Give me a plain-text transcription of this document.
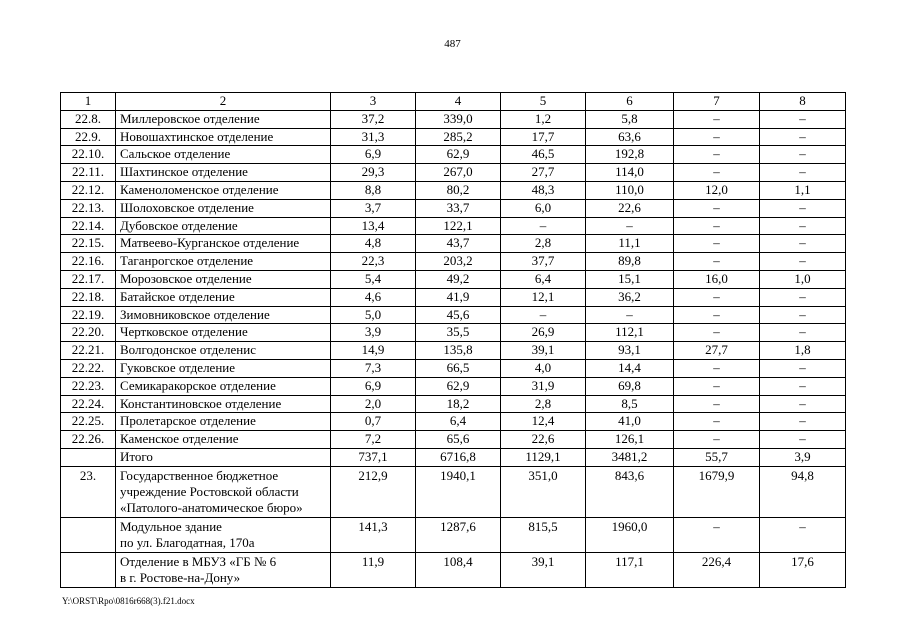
487
1	2	3	4	5	6	7	8
22.8.	Миллеровское отделение	37,2	339,0	1,2	5,8	–	–
22.9.	Новошахтинское отделение	31,3	285,2	17,7	63,6	–	–
22.10.	Сальское отделение	6,9	62,9	46,5	192,8	–	–
22.11.	Шахтинское отделение	29,3	267,0	27,7	114,0	–	–
22.12.	Каменоломенское отделение	8,8	80,2	48,3	110,0	12,0	1,1
22.13.	Шолоховское отделение	3,7	33,7	6,0	22,6	–	–
22.14.	Дубовское отделение	13,4	122,1	–	–	–	–
22.15.	Матвеево-Курганское отделение	4,8	43,7	2,8	11,1	–	–
22.16.	Таганрогское отделение	22,3	203,2	37,7	89,8	–	–
22.17.	Морозовское отделение	5,4	49,2	6,4	15,1	16,0	1,0
22.18.	Батайское отделение	4,6	41,9	12,1	36,2	–	–
22.19.	Зимовниковское отделение	5,0	45,6	–	–	–	–
22.20.	Чертковское отделение	3,9	35,5	26,9	112,1	–	–
22.21.	Волгодонское отделенис	14,9	135,8	39,1	93,1	27,7	1,8
22.22.	Гуковское отделение	7,3	66,5	4,0	14,4	–	–
22.23.	Семикаракорское отделение	6,9	62,9	31,9	69,8	–	–
22.24.	Константиновское отделение	2,0	18,2	2,8	8,5	–	–
22.25.	Пролетарское отделение	0,7	6,4	12,4	41,0	–	–
22.26.	Каменское отделение	7,2	65,6	22,6	126,1	–	–
	Итого	737,1	6716,8	1129,1	3481,2	55,7	3,9
23.	Государственное бюджетное
учреждение Ростовской области
«Патолого-анатомическое бюро»	212,9	1940,1	351,0	843,6	1679,9	94,8

	Модульное здание
по ул. Благодатная, 170а	141,3	1287,6	815,5	1960,0	–	–

	Отделение в МБУЗ «ГБ № 6
в г. Ростове-на-Дону»	11,9	108,4	39,1	117,1	226,4	17,6
Y:\ORST\Rpo\0816r668(3).f21.docx
